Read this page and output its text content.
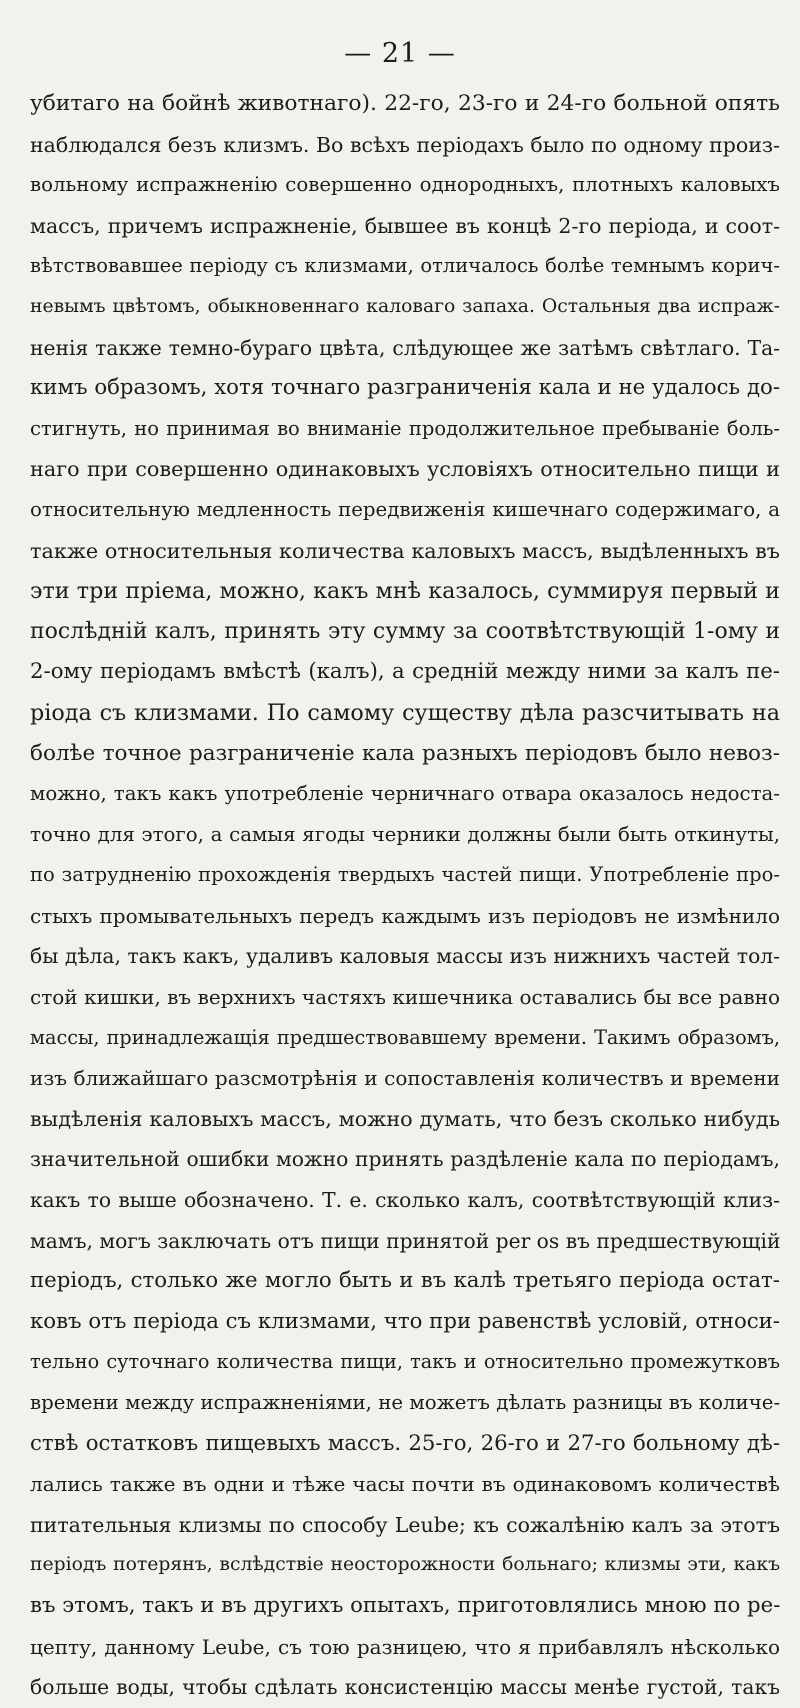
— 21 —
убитаго на бойнѣ животнаго). 22-го, 23-го и 24-го больной опять
наблюдался безъ клизмъ. Во всѣхъ періодахъ было по одному произ-
вольному испражненію совершенно однородныхъ, плотныхъ каловыхъ
массъ, причемъ испражненіе, бывшее въ концѣ 2-го періода, и соот-
вѣтствовавшее періоду съ клизмами, отличалось болѣе темнымъ корич-
невымъ цвѣтомъ, обыкновеннаго каловаго запаха. Остальныя два испраж-
ненія также темно-бураго цвѣта, слѣдующее же затѣмъ свѣтлаго. Та-
кимъ образомъ, хотя точнаго разграниченія кала и не удалось до-
стигнуть, но принимая во вниманіе продолжительное пребываніе боль-
наго при совершенно одинаковыхъ условіяхъ относительно пищи и
относительную медленность передвиженія кишечнаго содержимаго, а
также относительныя количества каловыхъ массъ, выдѣленныхъ въ
эти три пріема, можно, какъ мнѣ казалось, суммируя первый и
послѣдній калъ, принять эту сумму за соотвѣтствующій 1-ому и
2-ому періодамъ вмѣстѣ (калъ), а средній между ними за калъ пе-
ріода съ клизмами. По самому существу дѣла разсчитывать на
болѣе точное разграниченіе кала разныхъ періодовъ было невоз-
можно, такъ какъ употребленіе черничнаго отвара оказалось недоста-
точно для этого, а самыя ягоды черники должны были быть откинуты,
по затрудненію прохожденія твердыхъ частей пищи. Употребленіе про-
стыхъ промывательныхъ передъ каждымъ изъ періодовъ не измѣнило
бы дѣла, такъ какъ, удаливъ каловыя массы изъ нижнихъ частей тол-
стой кишки, въ верхнихъ частяхъ кишечника оставались бы все равно
массы, принадлежащія предшествовавшему времени. Такимъ образомъ,
изъ ближайшаго разсмотрѣнія и сопоставленія количествъ и времени
выдѣленія каловыхъ массъ, можно думать, что безъ сколько нибудь
значительной ошибки можно принять раздѣленіе кала по періодамъ,
какъ то выше обозначено. Т. е. сколько калъ, соотвѣтствующій клиз-
мамъ, могъ заключать отъ пищи принятой per os въ предшествующій
періодъ, столько же могло быть и въ калѣ третьяго періода остат-
ковъ отъ періода съ клизмами, что при равенствѣ условій, относи-
тельно суточнаго количества пищи, такъ и относительно промежутковъ
времени между испражненіями, не можетъ дѣлать разницы въ количе-
ствѣ остатковъ пищевыхъ массъ. 25-го, 26-го и 27-го больному дѣ-
лались также въ одни и тѣже часы почти въ одинаковомъ количествѣ
питательныя клизмы по способу Leube; къ сожалѣнію калъ за этотъ
періодъ потерянъ, вслѣдствіе неосторожности больнаго; клизмы эти, какъ
въ этомъ, такъ и въ другихъ опытахъ, приготовлялись мною по ре-
цепту, данному Leube, съ тою разницею, что я прибавлялъ нѣсколько
больше воды, чтобы сдѣлать консистенцію массы менѣе густой, такъ
